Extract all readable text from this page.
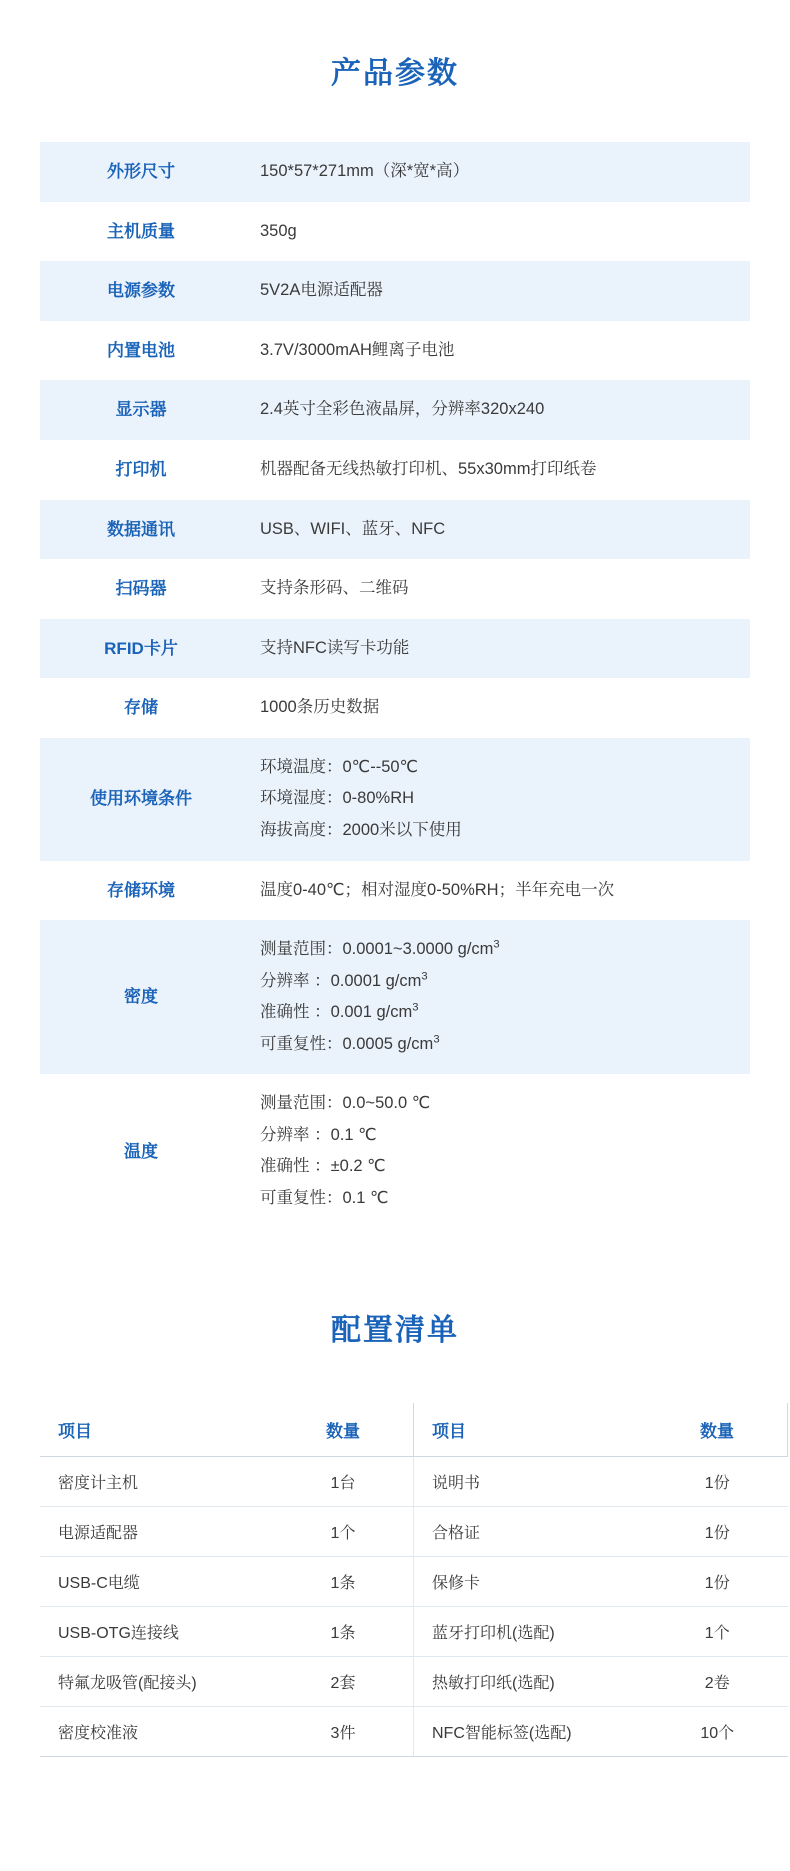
产品参数
外形尺寸	150*57*271mm（深*宽*高）

主机质量	350g

电源参数	5V2A电源适配器

内置电池	3.7V/3000mAH鲤离子电池

显示器	2.4英寸全彩色液晶屏，分辨率320x240

打印机	机器配备无线热敏打印机、55x30mm打印纸卷

数据通讯	USB、WIFI、蓝牙、NFC

扫码器	支持条形码、二维码

RFID卡片	支持NFC读写卡功能

存储	1000条历史数据

使用环境条件	环境温度：0℃--50℃
环境湿度：0-80%RH
海拔高度：2000米以下使用

存储环境	温度0-40℃；相对湿度0-50%RH；半年充电一次

密度	测量范围：0.0001~3.0000 $g/cm^3$
分辨率 ：0.0001 $g/cm^3$
准确性 ：0.001 $g/cm^3$
可重复性：0.0005 $g/cm^3$

温度	测量范围：0.0~50.0 ℃
分辨率 ：0.1 ℃
准确性 ：±0.2 ℃
可重复性：0.1 ℃
配置清单
项目	数量	项目	数量
密度计主机	1台	说明书	1份
电源适配器	1个	合格证	1份
USB-C电缆	1条	保修卡	1份
USB-OTG连接线	1条	蓝牙打印机(选配)	1个
特氟龙吸管(配接头)	2套	热敏打印纸(选配)	2卷
密度校准液	3件	NFC智能标签(选配)	10个
